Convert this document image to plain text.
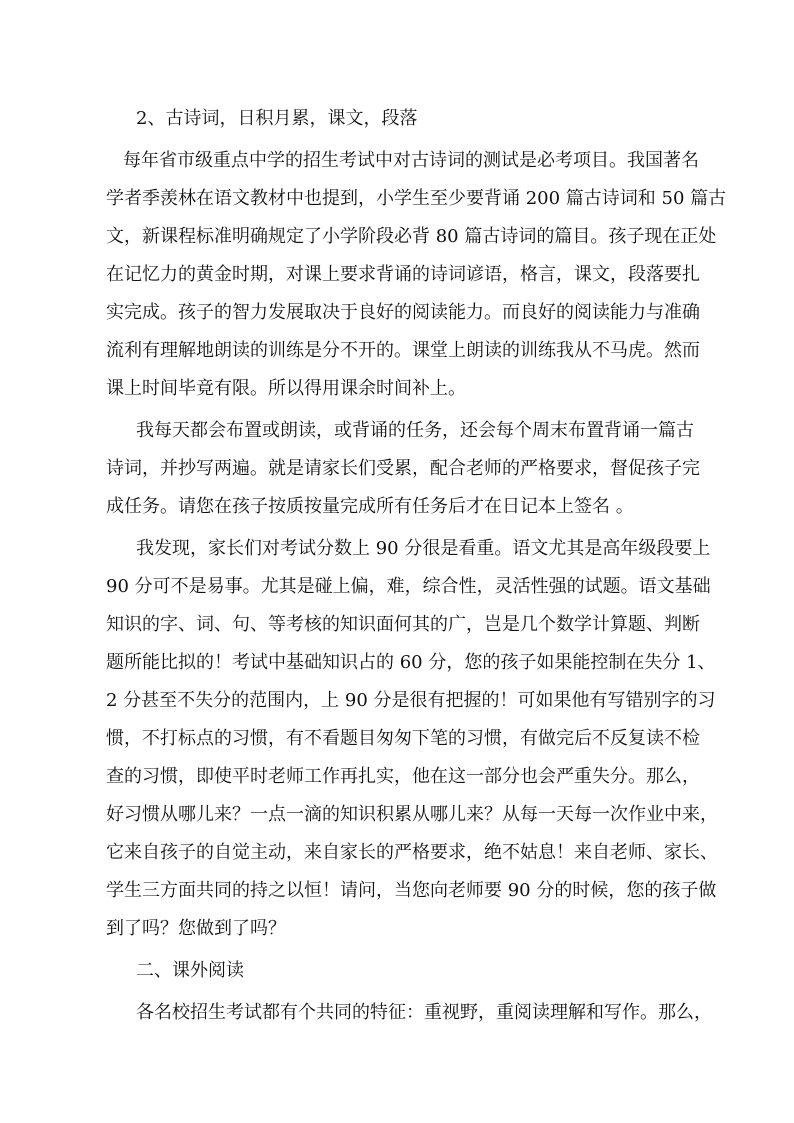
2、古诗词，日积月累，课文，段落
每年省市级重点中学的招生考试中对古诗词的测试是必考项目。我国著名
学者季羡林在语文教材中也提到，小学生至少要背诵 200 篇古诗词和 50 篇古
文，新课程标准明确规定了小学阶段必背 80 篇古诗词的篇目。孩子现在正处
在记忆力的黄金时期，对课上要求背诵的诗词谚语，格言，课文，段落要扎
实完成。孩子的智力发展取决于良好的阅读能力。而良好的阅读能力与准确
流利有理解地朗读的训练是分不开的。课堂上朗读的训练我从不马虎。然而
课上时间毕竟有限。所以得用课余时间补上。
我每天都会布置或朗读，或背诵的任务，还会每个周末布置背诵一篇古
诗词，并抄写两遍。就是请家长们受累，配合老师的严格要求，督促孩子完
成任务。请您在孩子按质按量完成所有任务后才在日记本上签名 。
我发现，家长们对考试分数上 90 分很是看重。语文尤其是高年级段要上
90 分可不是易事。尤其是碰上偏，难，综合性，灵活性强的试题。语文基础
知识的字、词、句、等考核的知识面何其的广，岂是几个数学计算题、判断
题所能比拟的！考试中基础知识占的 60 分，您的孩子如果能控制在失分 1、
2 分甚至不失分的范围内，上 90 分是很有把握的！可如果他有写错别字的习
惯，不打标点的习惯，有不看题目匆匆下笔的习惯，有做完后不反复读不检
查的习惯，即使平时老师工作再扎实，他在这一部分也会严重失分。那么，
好习惯从哪儿来？一点一滴的知识积累从哪儿来？从每一天每一次作业中来，
它来自孩子的自觉主动，来自家长的严格要求，绝不姑息！来自老师、家长、
学生三方面共同的持之以恒！请问，当您向老师要 90 分的时候，您的孩子做
到了吗？您做到了吗？
二、课外阅读
各名校招生考试都有个共同的特征：重视野，重阅读理解和写作。那么，
